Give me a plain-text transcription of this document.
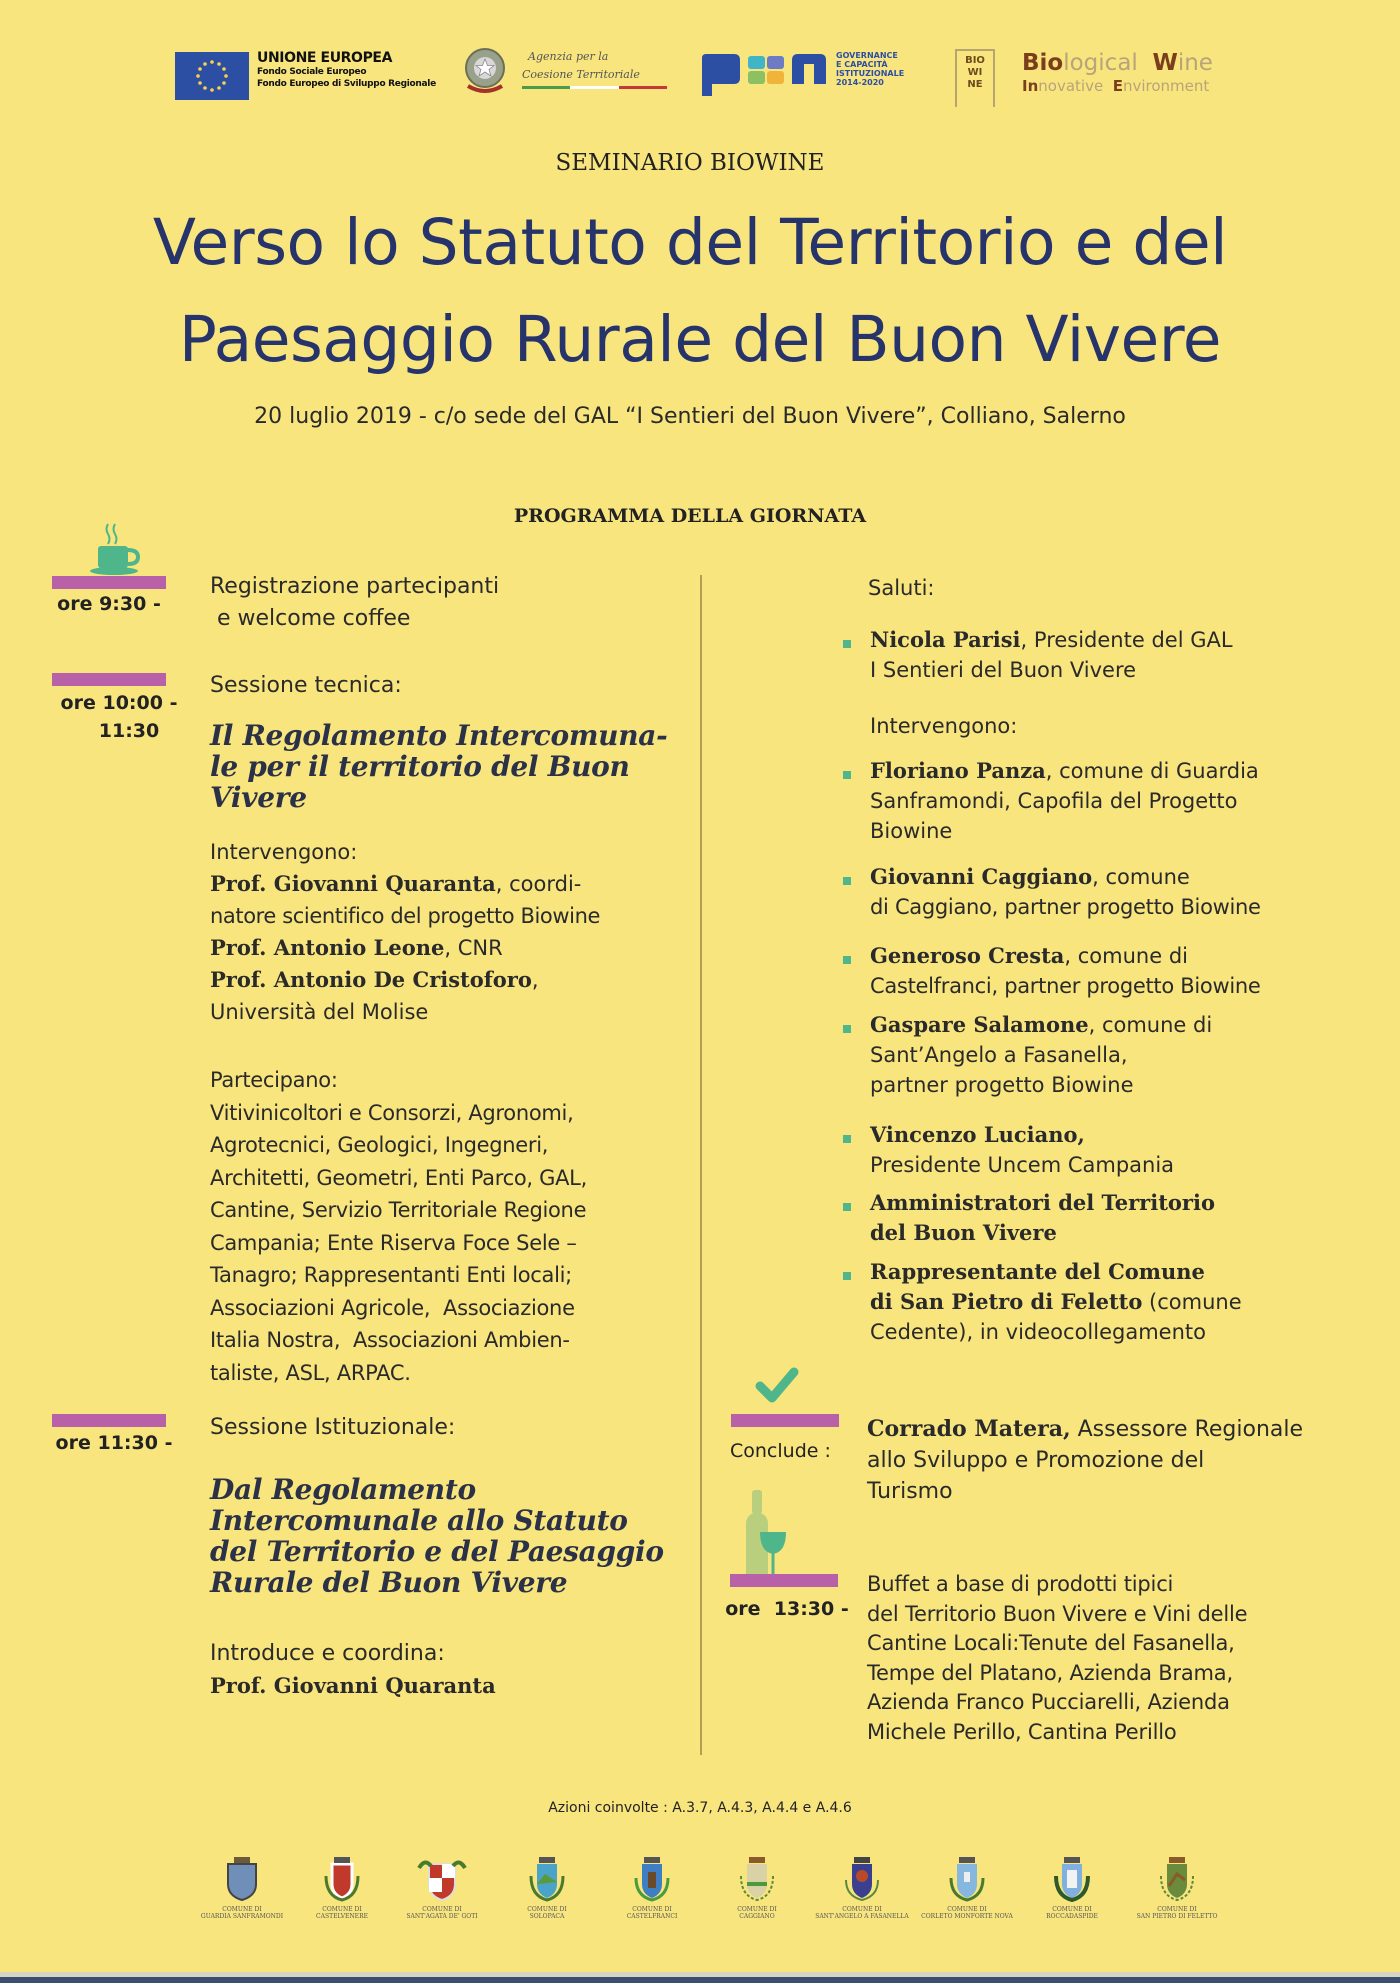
UNIONE EUROPEA
Fondo Sociale Europeo
Fondo Europeo di Sviluppo Regionale
Agenzia per la
Coesione Territoriale
GOVERNANCE
E CAPACITÀ
ISTITUZIONALE
2014-2020
BIO
WI
NE
Biological Wine
Innovative Environment
SEMINARIO BIOWINE
Verso lo Statuto del Territorio e del
Paesaggio Rurale del Buon Vivere
20 luglio 2019 - c/o sede del GAL “I Sentieri del Buon Vivere”, Colliano, Salerno
PROGRAMMA DELLA GIORNATA
ore 9:30 -
Registrazione partecipanti
e welcome coffee
ore 10:00 -
11:30
Sessione tecnica:
Il Regolamento Intercomuna-
le per il territorio del Buon
Vivere
Intervengono:
Prof. Giovanni Quaranta, coordi-
natore scientifico del progetto Biowine
Prof. Antonio Leone, CNR
Prof. Antonio De Cristoforo,
Università del Molise
Partecipano:
Vitivinicoltori e Consorzi, Agronomi,
Agrotecnici, Geologici, Ingegneri,
Architetti, Geometri, Enti Parco, GAL,
Cantine, Servizio Territoriale Regione
Campania; Ente Riserva Foce Sele –
Tanagro; Rappresentanti Enti locali;
Associazioni Agricole,  Associazione
Italia Nostra,  Associazioni Ambien-
taliste, ASL, ARPAC.
ore 11:30 -
Sessione Istituzionale:
Dal Regolamento
Intercomunale allo Statuto
del Territorio e del Paesaggio
Rurale del Buon Vivere
Introduce e coordina:
Prof. Giovanni Quaranta
Saluti:
Nicola Parisi, Presidente del GAL
I Sentieri del Buon Vivere
Intervengono:
Floriano Panza, comune di Guardia
Sanframondi, Capofila del Progetto
Biowine
Giovanni Caggiano, comune
di Caggiano, partner progetto Biowine
Generoso Cresta, comune di
Castelfranci, partner progetto Biowine
Gaspare Salamone, comune di
Sant’Angelo a Fasanella,
partner progetto Biowine
Vincenzo Luciano,
Presidente Uncem Campania
Amministratori del Territorio
del Buon Vivere
Rappresentante del Comune
di San Pietro di Feletto (comune
Cedente), in videocollegamento
Conclude :
Corrado Matera, Assessore Regionale
allo Sviluppo e Promozione del
Turismo
ore  13:30 -
Buffet a base di prodotti tipici
del Territorio Buon Vivere e Vini delle
Cantine Locali:Tenute del Fasanella,
Tempe del Platano, Azienda Brama,
Azienda Franco Pucciarelli, Azienda
Michele Perillo, Cantina Perillo
Azioni coinvolte : A.3.7, A.4.3, A.4.4 e A.4.6
COMUNE DI
GUARDIA SANFRAMONDI
COMUNE DI
CASTELVENERE
COMUNE DI
SANT'AGATA DE' GOTI
COMUNE DI
SOLOPACA
COMUNE DI
CASTELFRANCI
COMUNE DI
CAGGIANO
COMUNE DI
SANT'ANGELO A FASANELLA
COMUNE DI
CORLETO MONFORTE NOVA
COMUNE DI
ROCCADASPIDE
COMUNE DI
SAN PIETRO DI FELETTO
